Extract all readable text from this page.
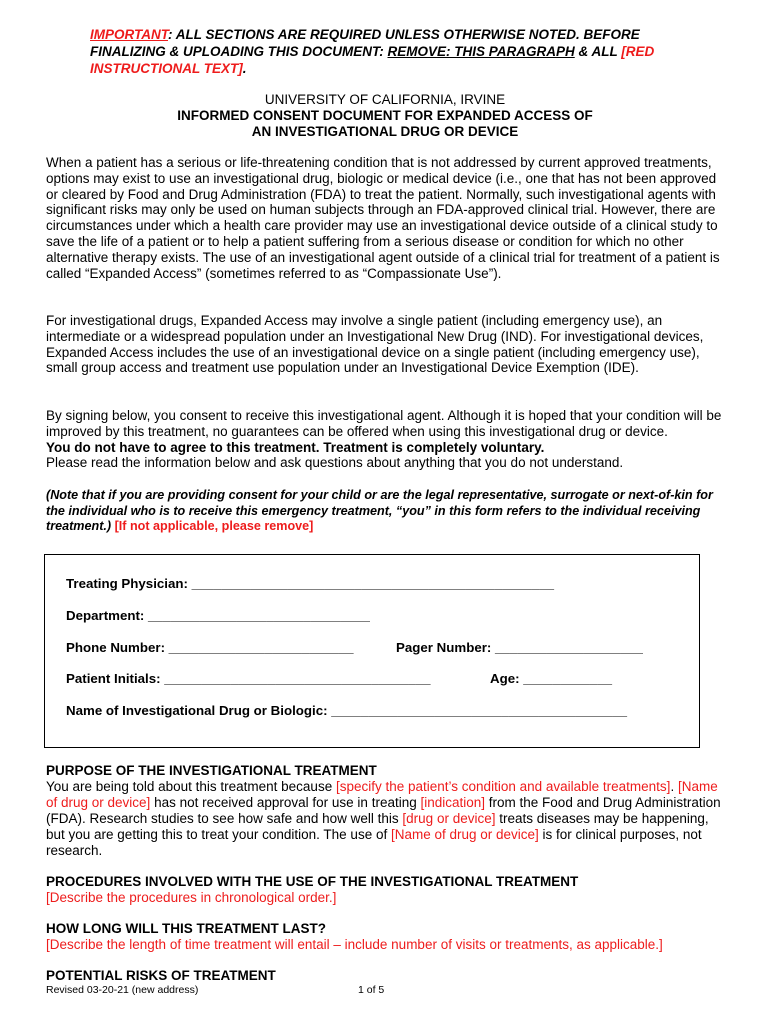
IMPORTANT: ALL SECTIONS ARE REQUIRED UNLESS OTHERWISE NOTED. BEFORE FINALIZING & UPLOADING THIS DOCUMENT: REMOVE: THIS PARAGRAPH & ALL [RED INSTRUCTIONAL TEXT].
UNIVERSITY OF CALIFORNIA, IRVINE
INFORMED CONSENT DOCUMENT FOR EXPANDED ACCESS OF
AN INVESTIGATIONAL DRUG OR DEVICE
When a patient has a serious or life-threatening condition that is not addressed by current approved treatments, options may exist to use an investigational drug, biologic or medical device (i.e., one that has not been approved or cleared by Food and Drug Administration (FDA) to treat the patient. Normally, such investigational agents with significant risks may only be used on human subjects through an FDA-approved clinical trial. However, there are circumstances under which a health care provider may use an investigational device outside of a clinical study to save the life of a patient or to help a patient suffering from a serious disease or condition for which no other alternative therapy exists. The use of an investigational agent outside of a clinical trial for treatment of a patient is called “Expanded Access” (sometimes referred to as “Compassionate Use”).
For investigational drugs, Expanded Access may involve a single patient (including emergency use), an intermediate or a widespread population under an Investigational New Drug (IND). For investigational devices, Expanded Access includes the use of an investigational device on a single patient (including emergency use), small group access and treatment use population under an Investigational Device Exemption (IDE).
By signing below, you consent to receive this investigational agent. Although it is hoped that your condition will be improved by this treatment, no guarantees can be offered when using this investigational drug or device.
You do not have to agree to this treatment. Treatment is completely voluntary.
Please read the information below and ask questions about anything that you do not understand.
(Note that if you are providing consent for your child or are the legal representative, surrogate or next-of-kin for the individual who is to receive this emergency treatment, “you” in this form refers to the individual receiving treatment.) [If not applicable, please remove]
Treating Physician: _________________________________________________
Department: ______________________________
Phone Number: _________________________	Pager Number: ____________________
Patient Initials: ____________________________________	Age: ____________
Name of Investigational Drug or Biologic: ________________________________________
PURPOSE OF THE INVESTIGATIONAL TREATMENT
You are being told about this treatment because [specify the patient’s condition and available treatments]. [Name of drug or device] has not received approval for use in treating [indication] from the Food and Drug Administration (FDA). Research studies to see how safe and how well this [drug or device] treats diseases may be happening, but you are getting this to treat your condition. The use of [Name of drug or device] is for clinical purposes, not research.
PROCEDURES INVOLVED WITH THE USE OF THE INVESTIGATIONAL TREATMENT
[Describe the procedures in chronological order.]
HOW LONG WILL THIS TREATMENT LAST?
[Describe the length of time treatment will entail – include number of visits or treatments, as applicable.]
POTENTIAL RISKS OF TREATMENT
Revised 03-20-21 (new address)	1 of 5
